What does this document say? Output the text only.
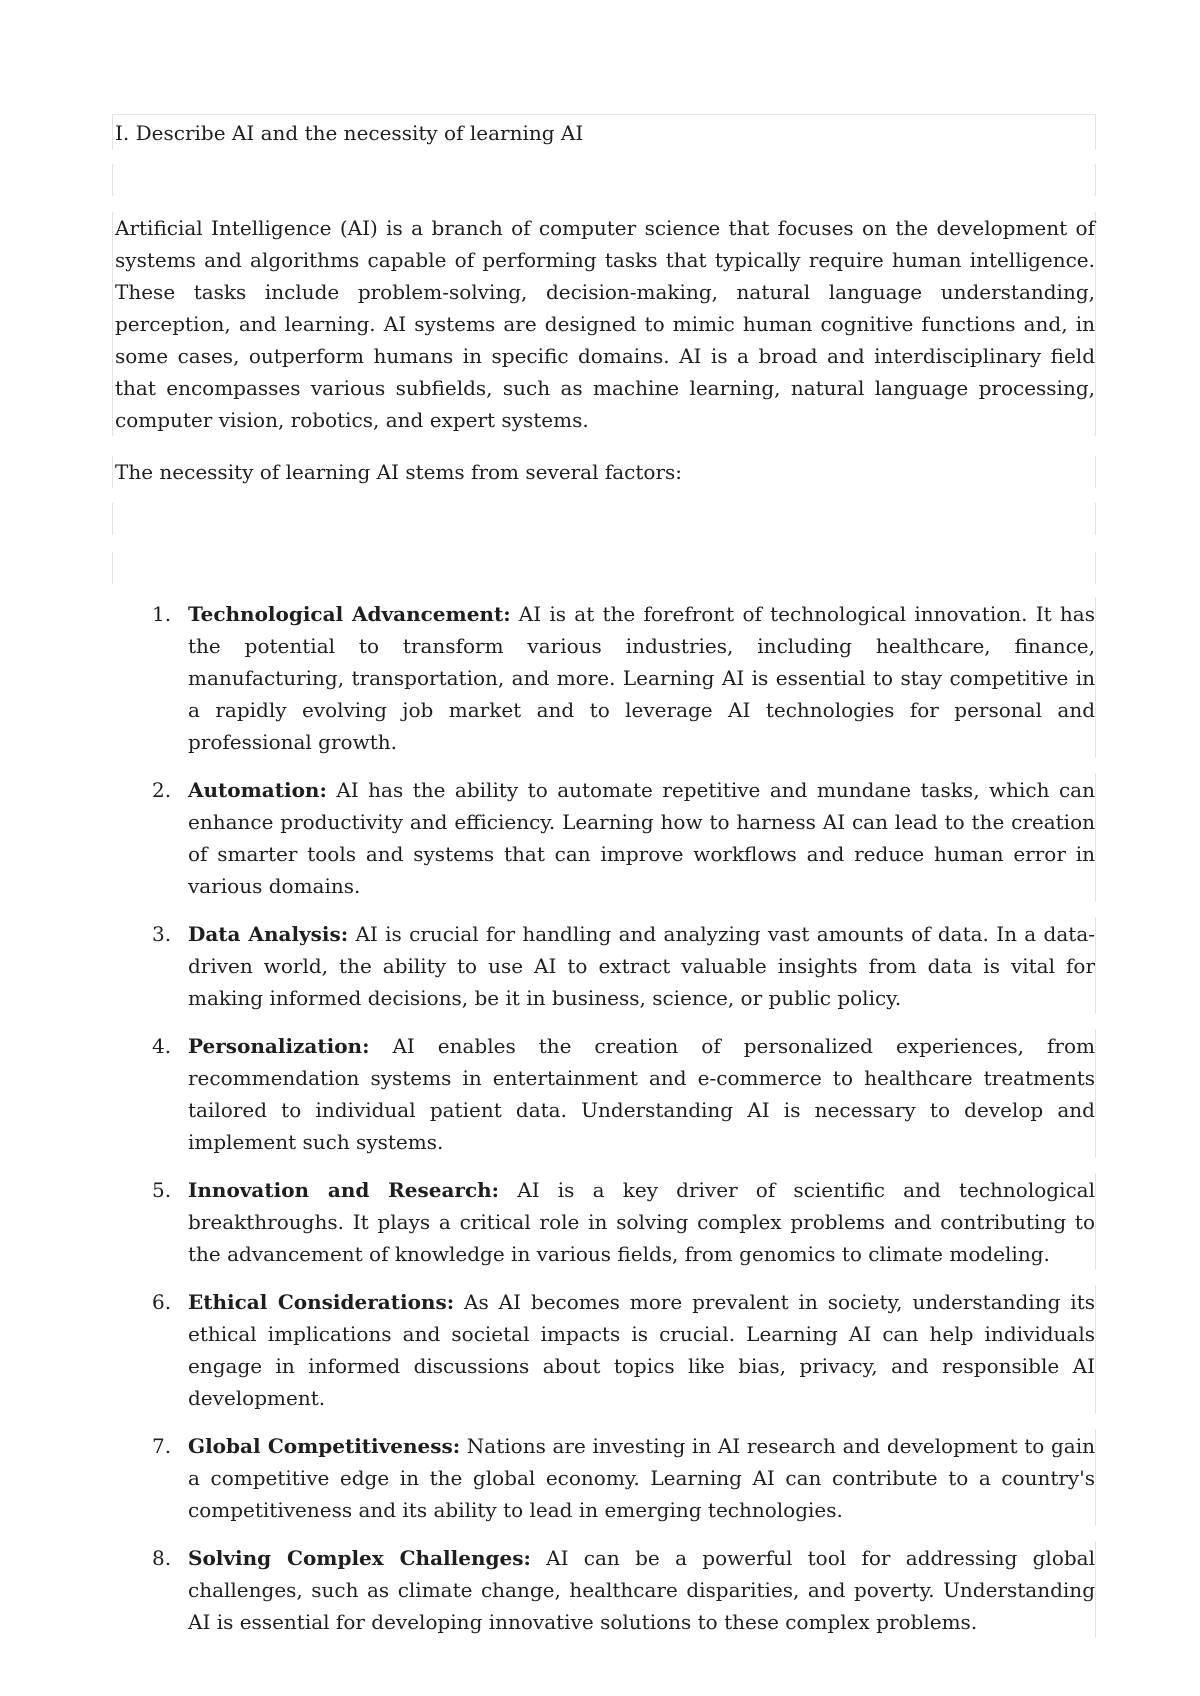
I. Describe AI and the necessity of learning AI
Artificial Intelligence (AI) is a branch of computer science that focuses on the development of systems and algorithms capable of performing tasks that typically require human intelligence. These tasks include problem-solving, decision-making, natural language understanding, perception, and learning. AI systems are designed to mimic human cognitive functions and, in some cases, outperform humans in specific domains. AI is a broad and interdisciplinary field that encompasses various subfields, such as machine learning, natural language processing, computer vision, robotics, and expert systems.
The necessity of learning AI stems from several factors:
1. Technological Advancement: AI is at the forefront of technological innovation. It has the potential to transform various industries, including healthcare, finance, manufacturing, transportation, and more. Learning AI is essential to stay competitive in a rapidly evolving job market and to leverage AI technologies for personal and professional growth.
2. Automation: AI has the ability to automate repetitive and mundane tasks, which can enhance productivity and efficiency. Learning how to harness AI can lead to the creation of smarter tools and systems that can improve workflows and reduce human error in various domains.
3. Data Analysis: AI is crucial for handling and analyzing vast amounts of data. In a data-driven world, the ability to use AI to extract valuable insights from data is vital for making informed decisions, be it in business, science, or public policy.
4. Personalization: AI enables the creation of personalized experiences, from recommendation systems in entertainment and e-commerce to healthcare treatments tailored to individual patient data. Understanding AI is necessary to develop and implement such systems.
5. Innovation and Research: AI is a key driver of scientific and technological breakthroughs. It plays a critical role in solving complex problems and contributing to the advancement of knowledge in various fields, from genomics to climate modeling.
6. Ethical Considerations: As AI becomes more prevalent in society, understanding its ethical implications and societal impacts is crucial. Learning AI can help individuals engage in informed discussions about topics like bias, privacy, and responsible AI development.
7. Global Competitiveness: Nations are investing in AI research and development to gain a competitive edge in the global economy. Learning AI can contribute to a country's competitiveness and its ability to lead in emerging technologies.
8. Solving Complex Challenges: AI can be a powerful tool for addressing global challenges, such as climate change, healthcare disparities, and poverty. Understanding AI is essential for developing innovative solutions to these complex problems.
